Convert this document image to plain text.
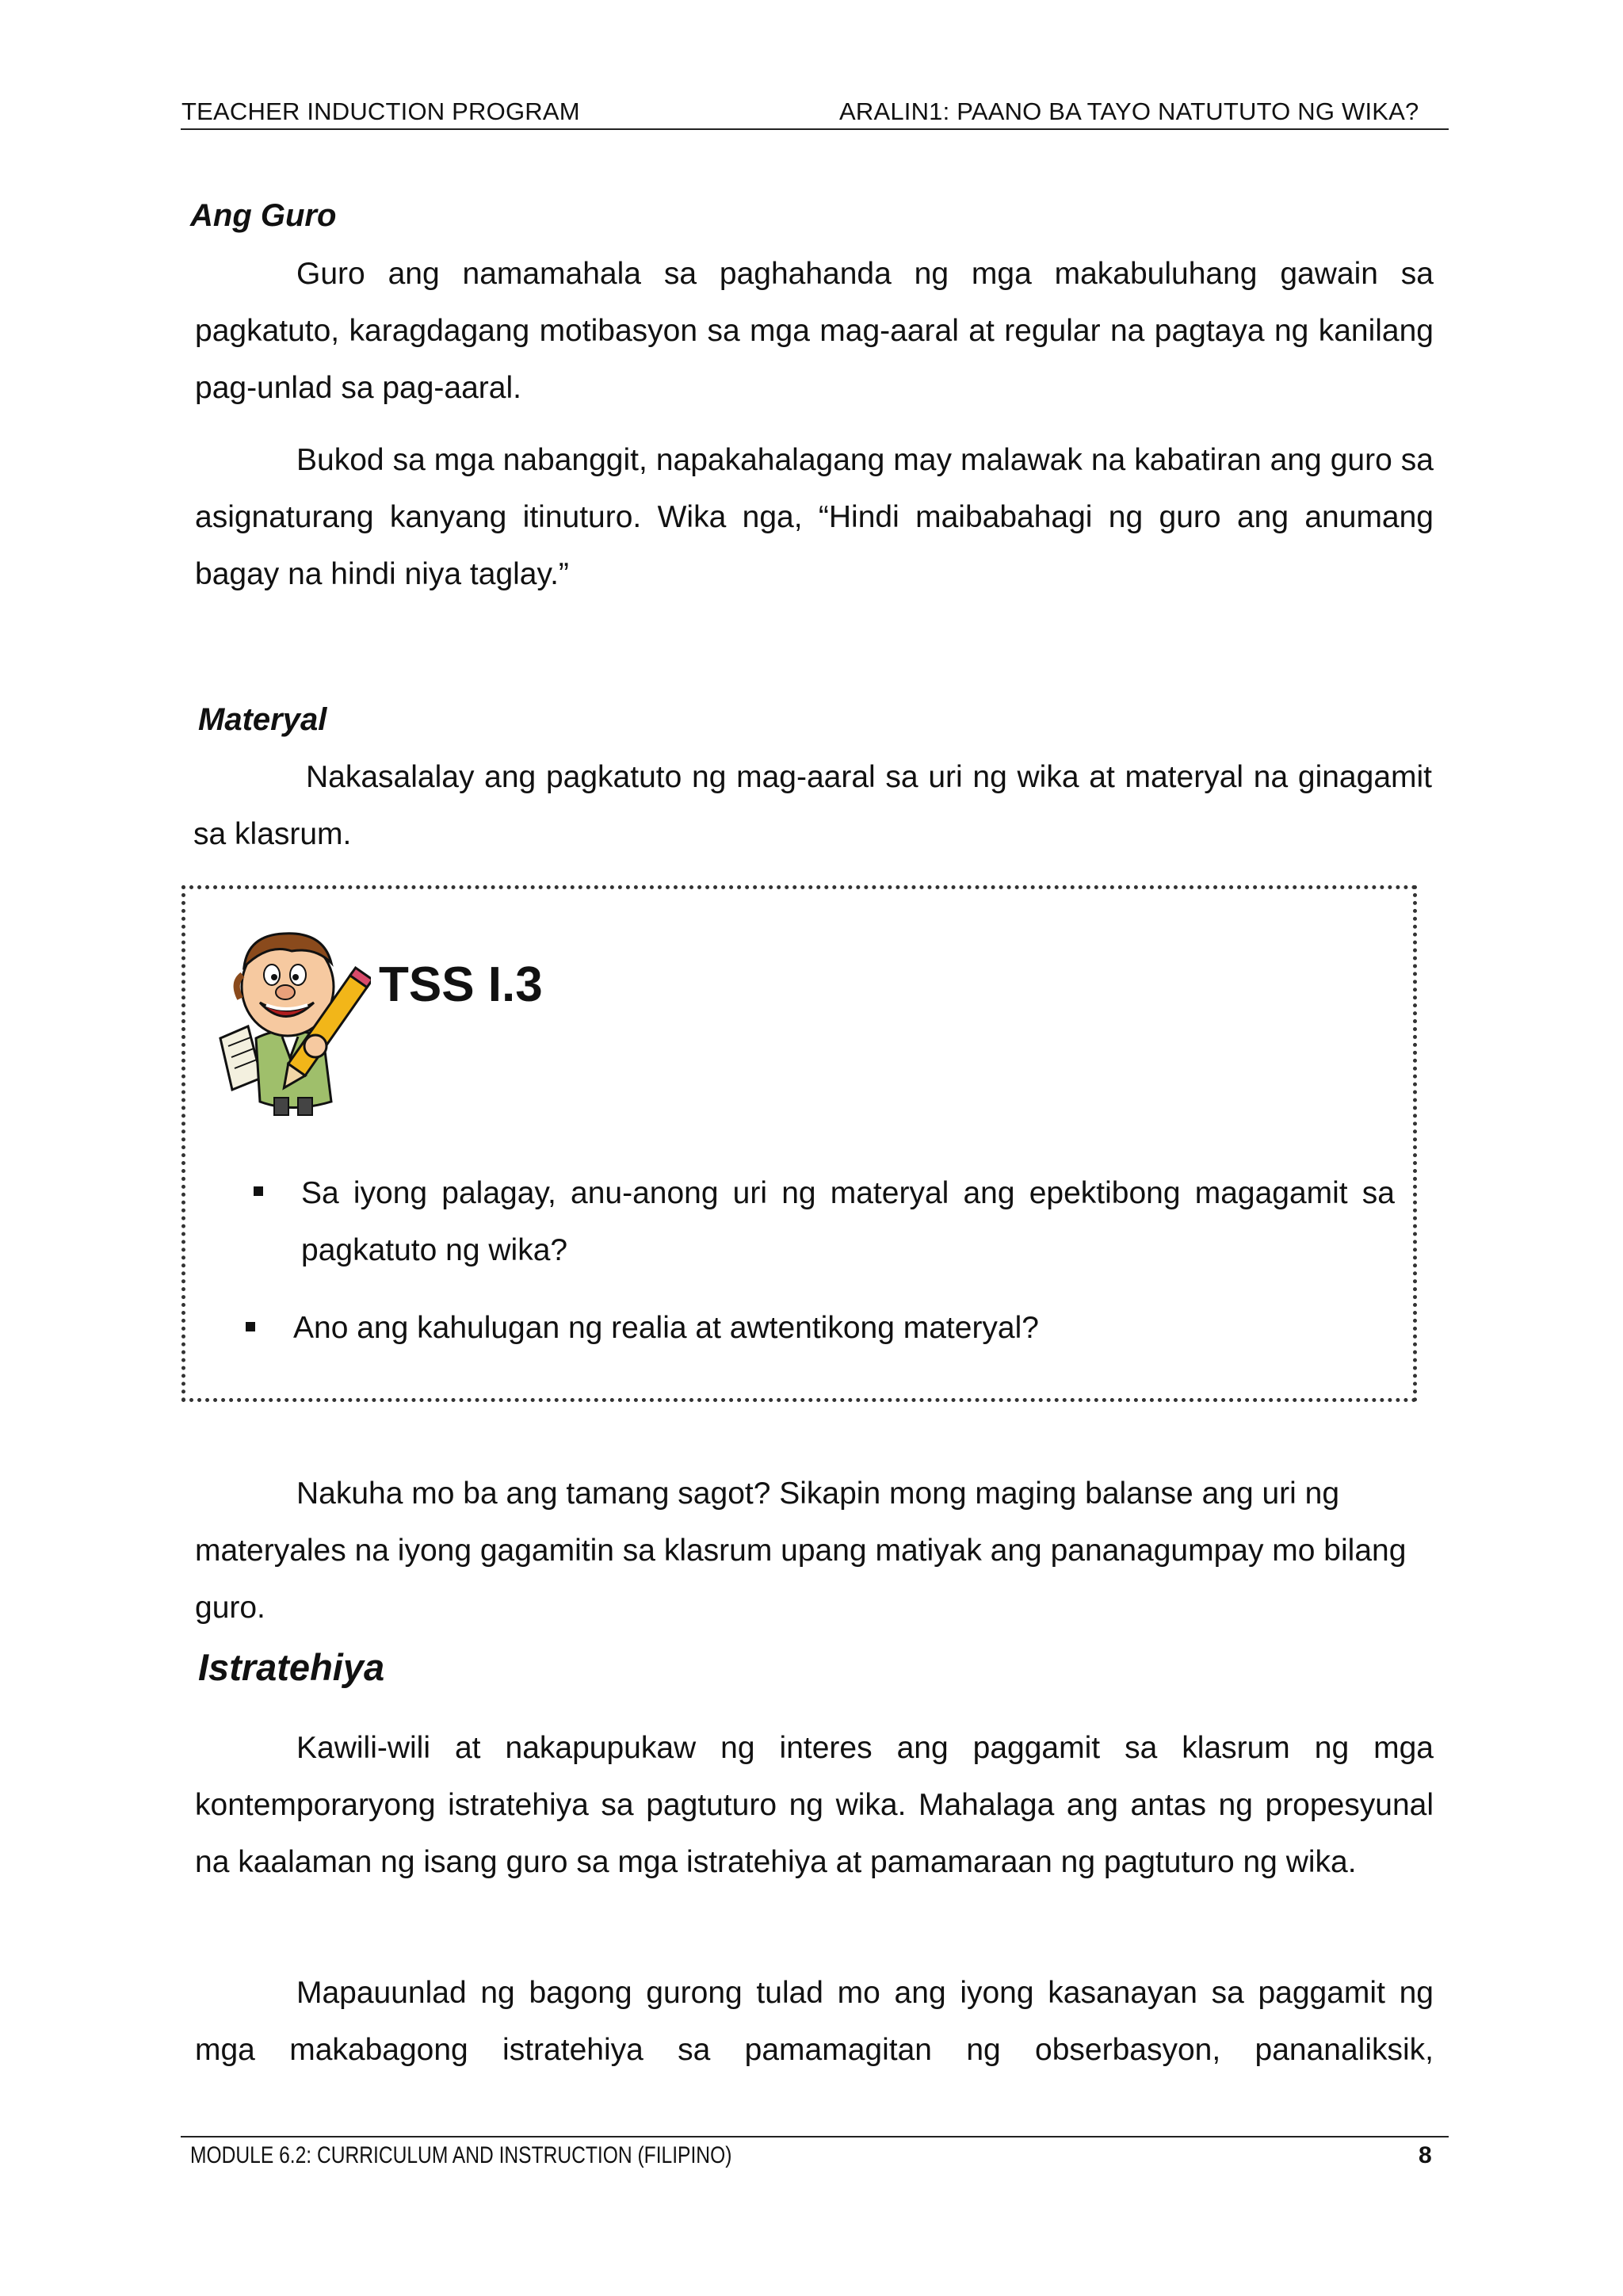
TEACHER INDUCTION PROGRAM	ARALIN1: PAANO BA TAYO NATUTUTO NG WIKA?
Ang Guro
Guro ang namamahala sa paghahanda ng mga makabuluhang gawain sa pagkatuto, karagdagang motibasyon sa mga mag-aaral at regular na pagtaya ng kanilang pag-unlad sa pag-aaral.
Bukod sa mga nabanggit, napakahalagang may malawak na kabatiran ang guro sa asignaturang kanyang itinuturo. Wika nga, “Hindi maibabahagi ng guro ang anumang bagay na hindi niya taglay.”
Materyal
Nakasalalay ang pagkatuto ng mag-aaral sa uri ng wika at materyal na ginagamit sa klasrum.
TSS I.3
Sa iyong palagay, anu-anong uri ng materyal ang epektibong magagamit sa pagkatuto ng wika?
Ano ang kahulugan ng realia at awtentikong materyal?
Nakuha mo ba ang tamang sagot? Sikapin mong maging balanse ang uri ng materyales na iyong gagamitin sa klasrum upang matiyak ang pananagumpay mo bilang guro.
Istratehiya
Kawili-wili at nakapupukaw ng interes ang paggamit sa klasrum ng mga kontemporaryong istratehiya sa pagtuturo ng wika. Mahalaga ang antas ng propesyunal na kaalaman ng isang guro sa mga istratehiya at pamamaraan ng pagtuturo ng wika.
Mapauunlad ng bagong gurong tulad mo ang iyong kasanayan sa paggamit ng mga makabagong istratehiya sa pamamagitan ng obserbasyon, pananaliksik,
MODULE 6.2: CURRICULUM AND INSTRUCTION (FILIPINO)	8
